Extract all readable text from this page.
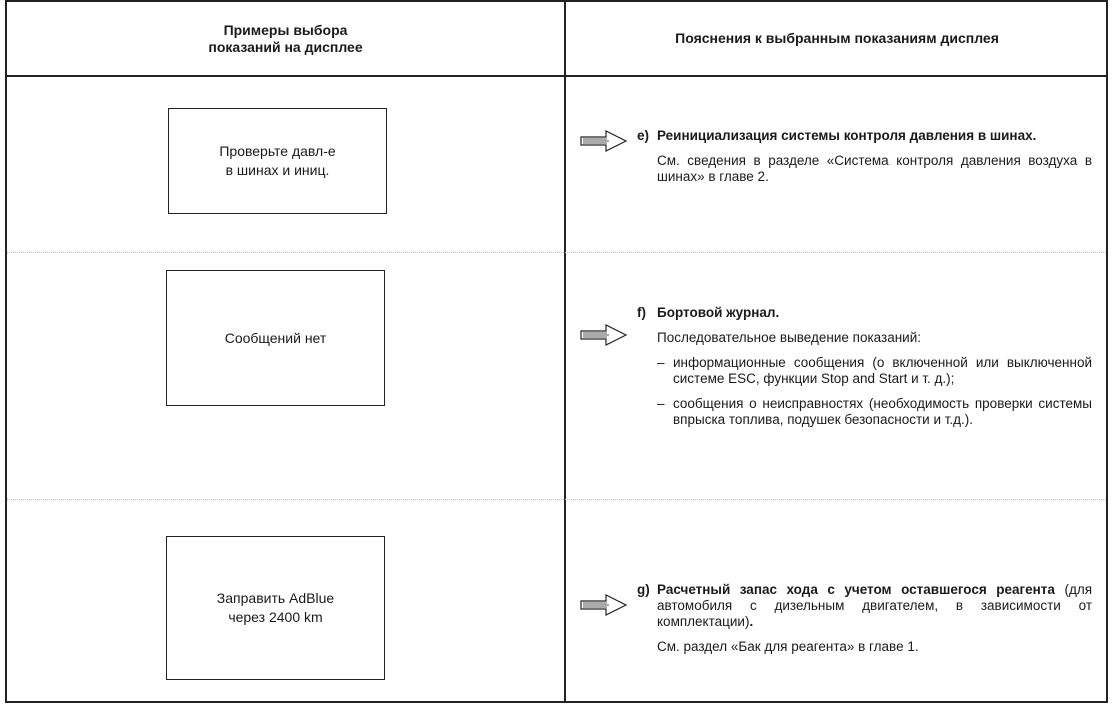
Примеры выбора
показаний на дисплее
Пояснения к выбранным показаниям дисплея
Проверьте давл-е
в шинах и иниц.
Сообщений нет
Заправить AdBlue
через 2400 km
e) Реинициализация системы контроля давления в шинах.
См. сведения в разделе «Система контроля давления воздуха в шинах» в главе 2.
f) Бортовой журнал.
Последовательное выведение показаний:
– информационные сообщения (о включенной или выключенной системе ESC, функции Stop and Start и т. д.);
– сообщения о неисправностях (необходимость проверки системы впрыска топлива, подушек безопасности и т.д.).
g) Расчетный запас хода с учетом оставшегося реагента (для автомобиля с дизельным двигателем, в зависимости от комплектации).
См. раздел «Бак для реагента» в главе 1.
